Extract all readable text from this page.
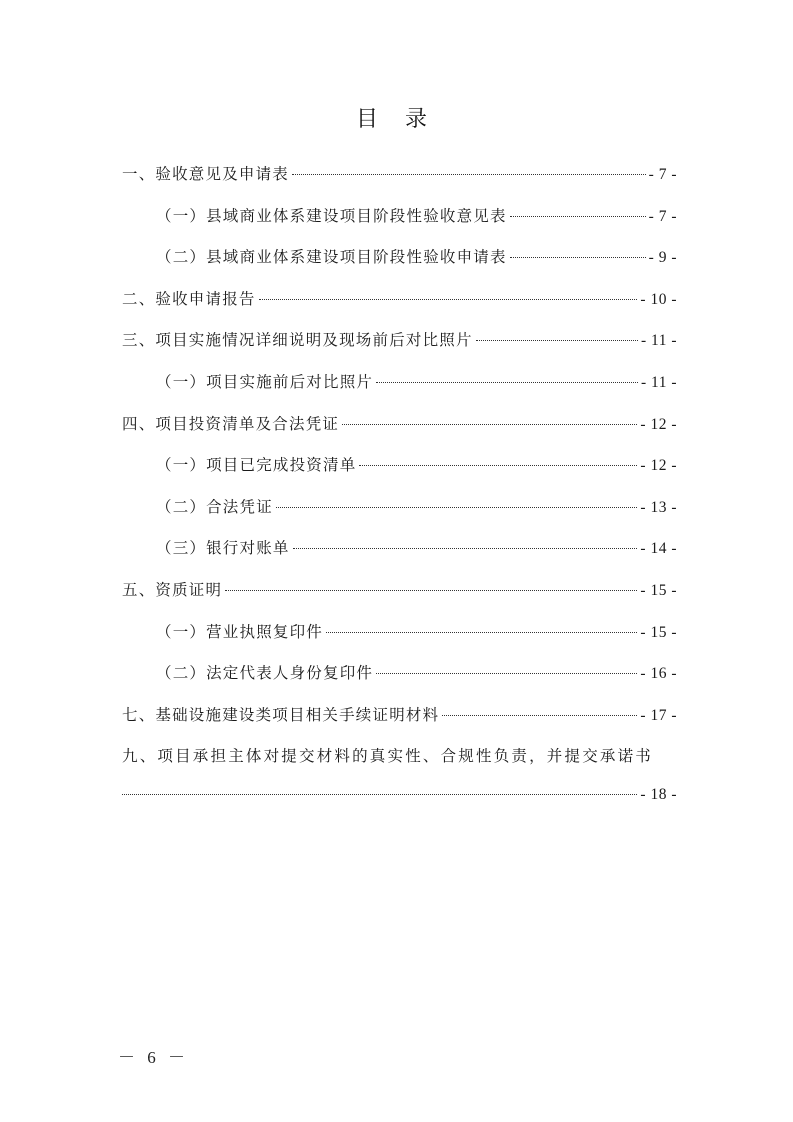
目 录
一、验收意见及申请表	- 7 -
（一）县域商业体系建设项目阶段性验收意见表	- 7 -
（二）县域商业体系建设项目阶段性验收申请表	- 9 -
二、验收申请报告	- 10 -
三、项目实施情况详细说明及现场前后对比照片	- 11 -
（一）项目实施前后对比照片	- 11 -
四、项目投资清单及合法凭证	- 12 -
（一）项目已完成投资清单	- 12 -
（二）合法凭证	- 13 -
（三）银行对账单	- 14 -
五、资质证明	- 15 -
（一）营业执照复印件	- 15 -
（二）法定代表人身份复印件	- 16 -
七、基础设施建设类项目相关手续证明材料	- 17 -
九、项目承担主体对提交材料的真实性、合规性负责，并提交承诺书
- 18 -
－ 6 －
